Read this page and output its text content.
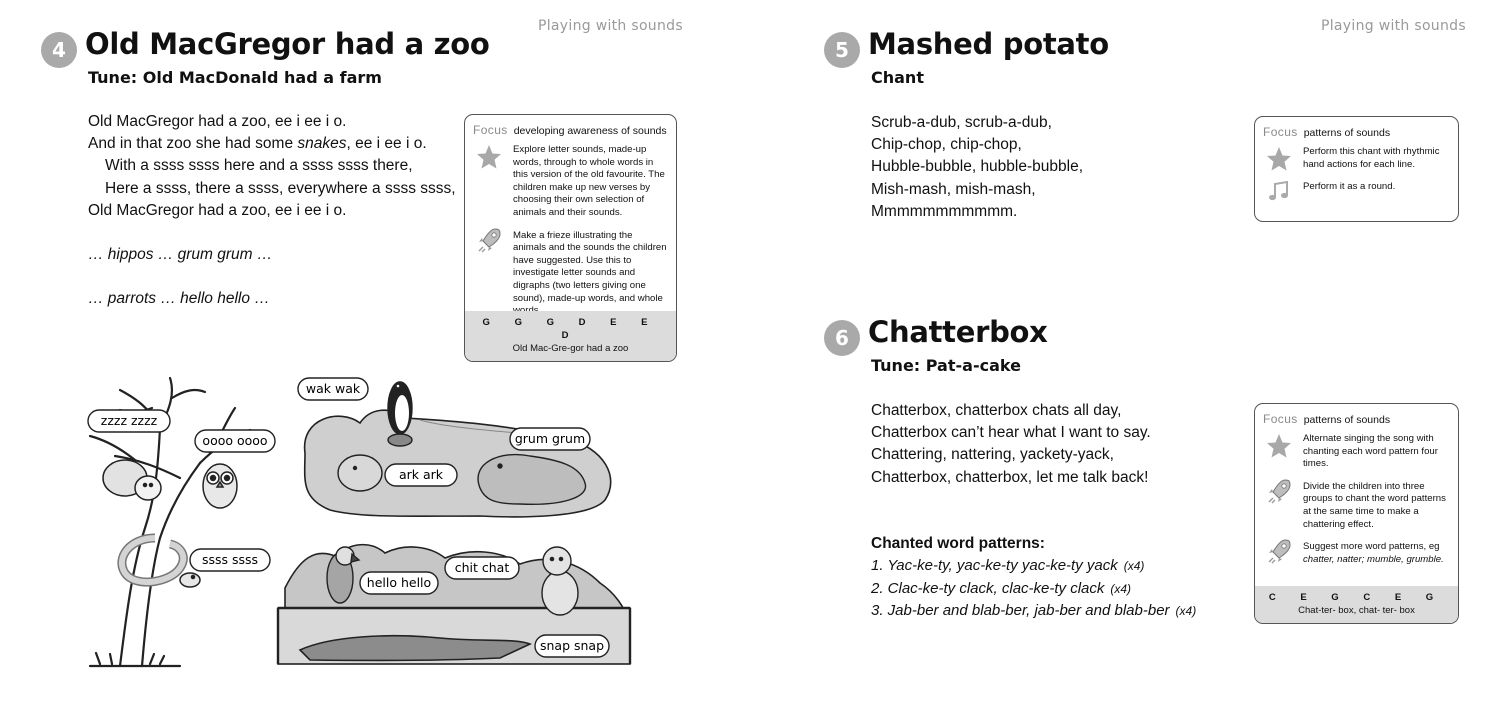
Playing with sounds
4 Old MacGregor had a zoo
Tune: Old MacDonald had a farm
Old MacGregor had a zoo, ee i ee i o.
And in that zoo she had some snakes, ee i ee i o.
With a ssss ssss here and a ssss ssss there,
Here a ssss, there a ssss, everywhere a ssss ssss,
Old MacGregor had a zoo, ee i ee i o.
… hippos … grum grum …
… parrots … hello hello …
Focus developing awareness of sounds
Explore letter sounds, made-up words, through to whole words in this version of the old favourite. The children make up new verses by choosing their own selection of animals and their sounds.
Make a frieze illustrating the animals and the sounds the children have suggested. Use this to investigate letter sounds and digraphs (two letters giving one sound), made-up words, and whole
G G G D E E D
Old Mac-Gre-gor had a zoo
zzzz zzzz
oooo oooo
ssss ssss
wak wak
grum grum
ark ark
hello hello
chit chat
snap snap
Playing with sounds
5 Mashed potato
Chant
Scrub-a-dub, scrub-a-dub,
Chip-chop, chip-chop,
Hubble-bubble, hubble-bubble,
Mish-mash, mish-mash,
Mmmmmmmmmmm.
Focus patterns of sounds
Perform this chant with rhythmic hand actions for each line.
Perform it as a round.
6 Chatterbox
Tune: Pat-a-cake
Chatterbox, chatterbox chats all day,
Chatterbox can’t hear what I want to say.
Chattering, nattering, yackety-yack,
Chatterbox, chatterbox, let me talk back!
Chanted word patterns:
1. Yac-ke-ty, yac-ke-ty yac-ke-ty yack (x4)
2. Clac-ke-ty clack, clac-ke-ty clack (x4)
3. Jab-ber and blab-ber, jab-ber and blab-ber (x4)
Focus patterns of sounds
Alternate singing the song with chanting each word pattern four times.
Divide the children into three groups to chant the word patterns at the same time to make a chattering effect.
Suggest more word patterns, eg chatter, natter; mumble, grumble.
C E G C E G
Chat-ter- box, chat- ter- box
